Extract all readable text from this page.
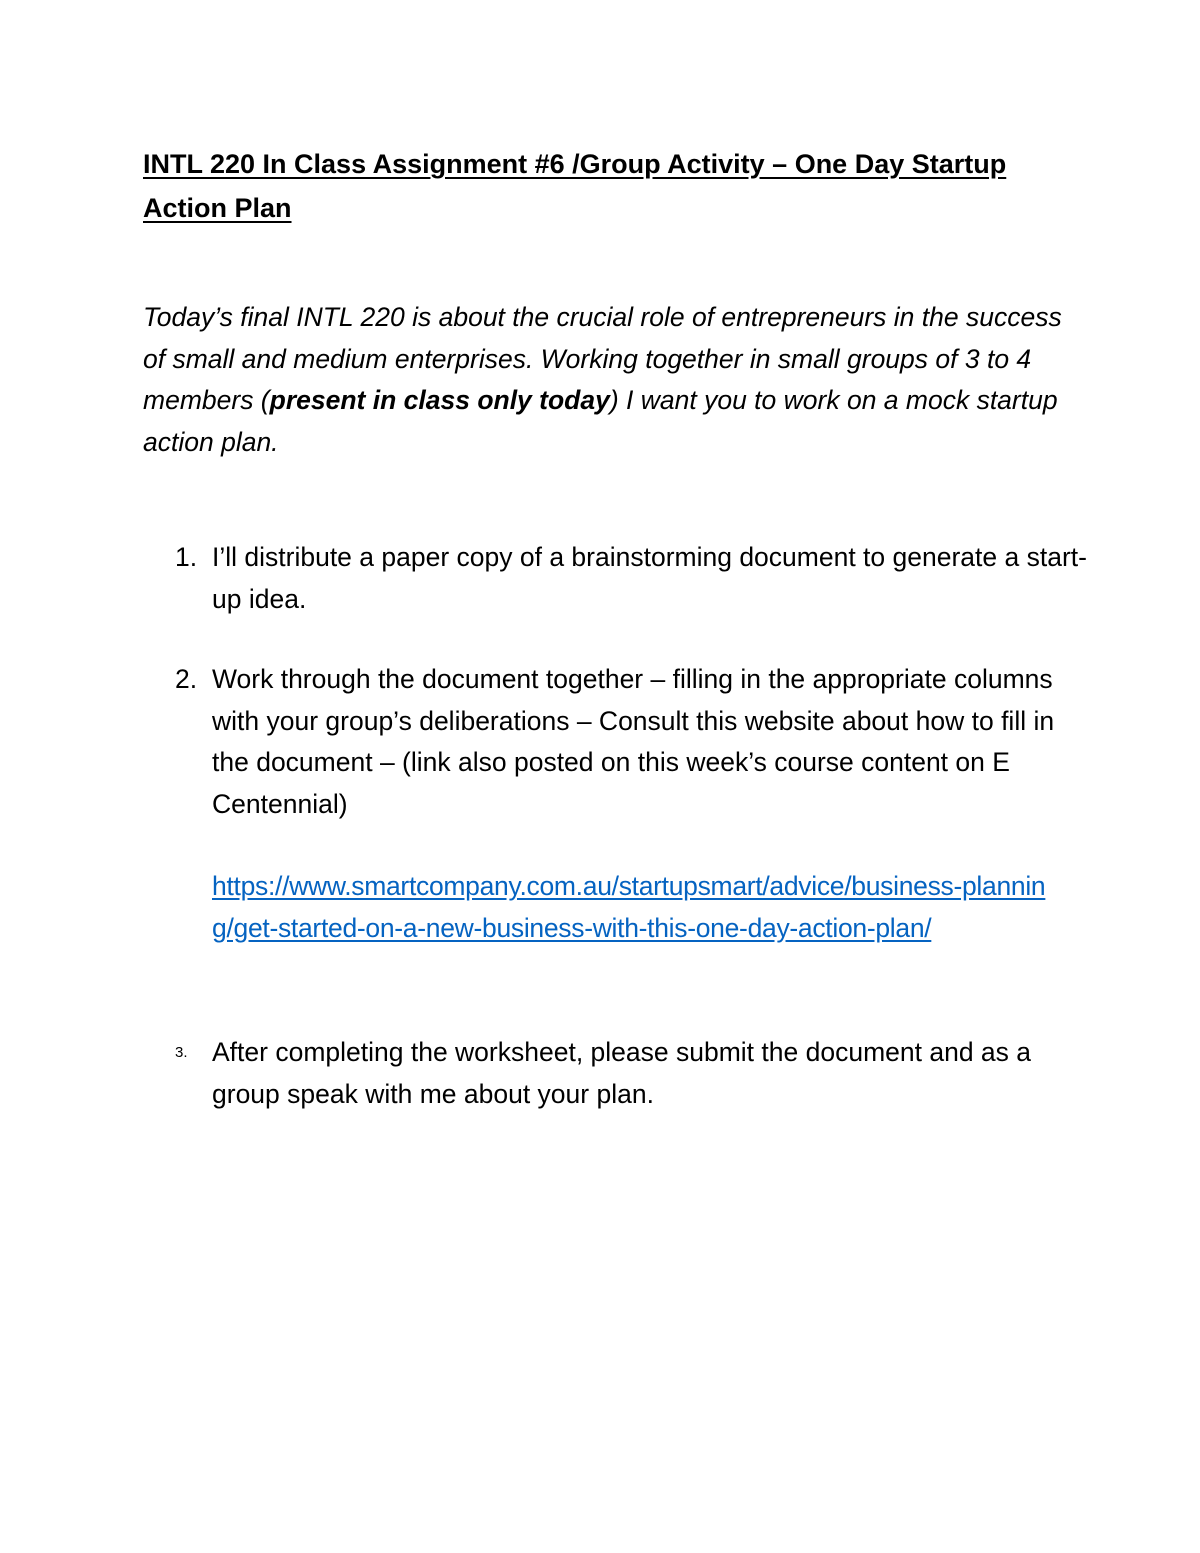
INTL 220 In Class Assignment #6 /Group Activity – One Day Startup Action Plan

Today’s final INTL 220 is about the crucial role of entrepreneurs in the success of small and medium enterprises. Working together in small groups of 3 to 4 members (present in class only today) I want you to work on a mock startup action plan.

1. I’ll distribute a paper copy of a brainstorming document to generate a start-up idea.
2. Work through the document together – filling in the appropriate columns with your group’s deliberations – Consult this website about how to fill in the document – (link also posted on this week’s course content on E Centennial)
https://www.smartcompany.com.au/startupsmart/advice/business-planning/get-started-on-a-new-business-with-this-one-day-action-plan/
3. After completing the worksheet, please submit the document and as a group speak with me about your plan.
